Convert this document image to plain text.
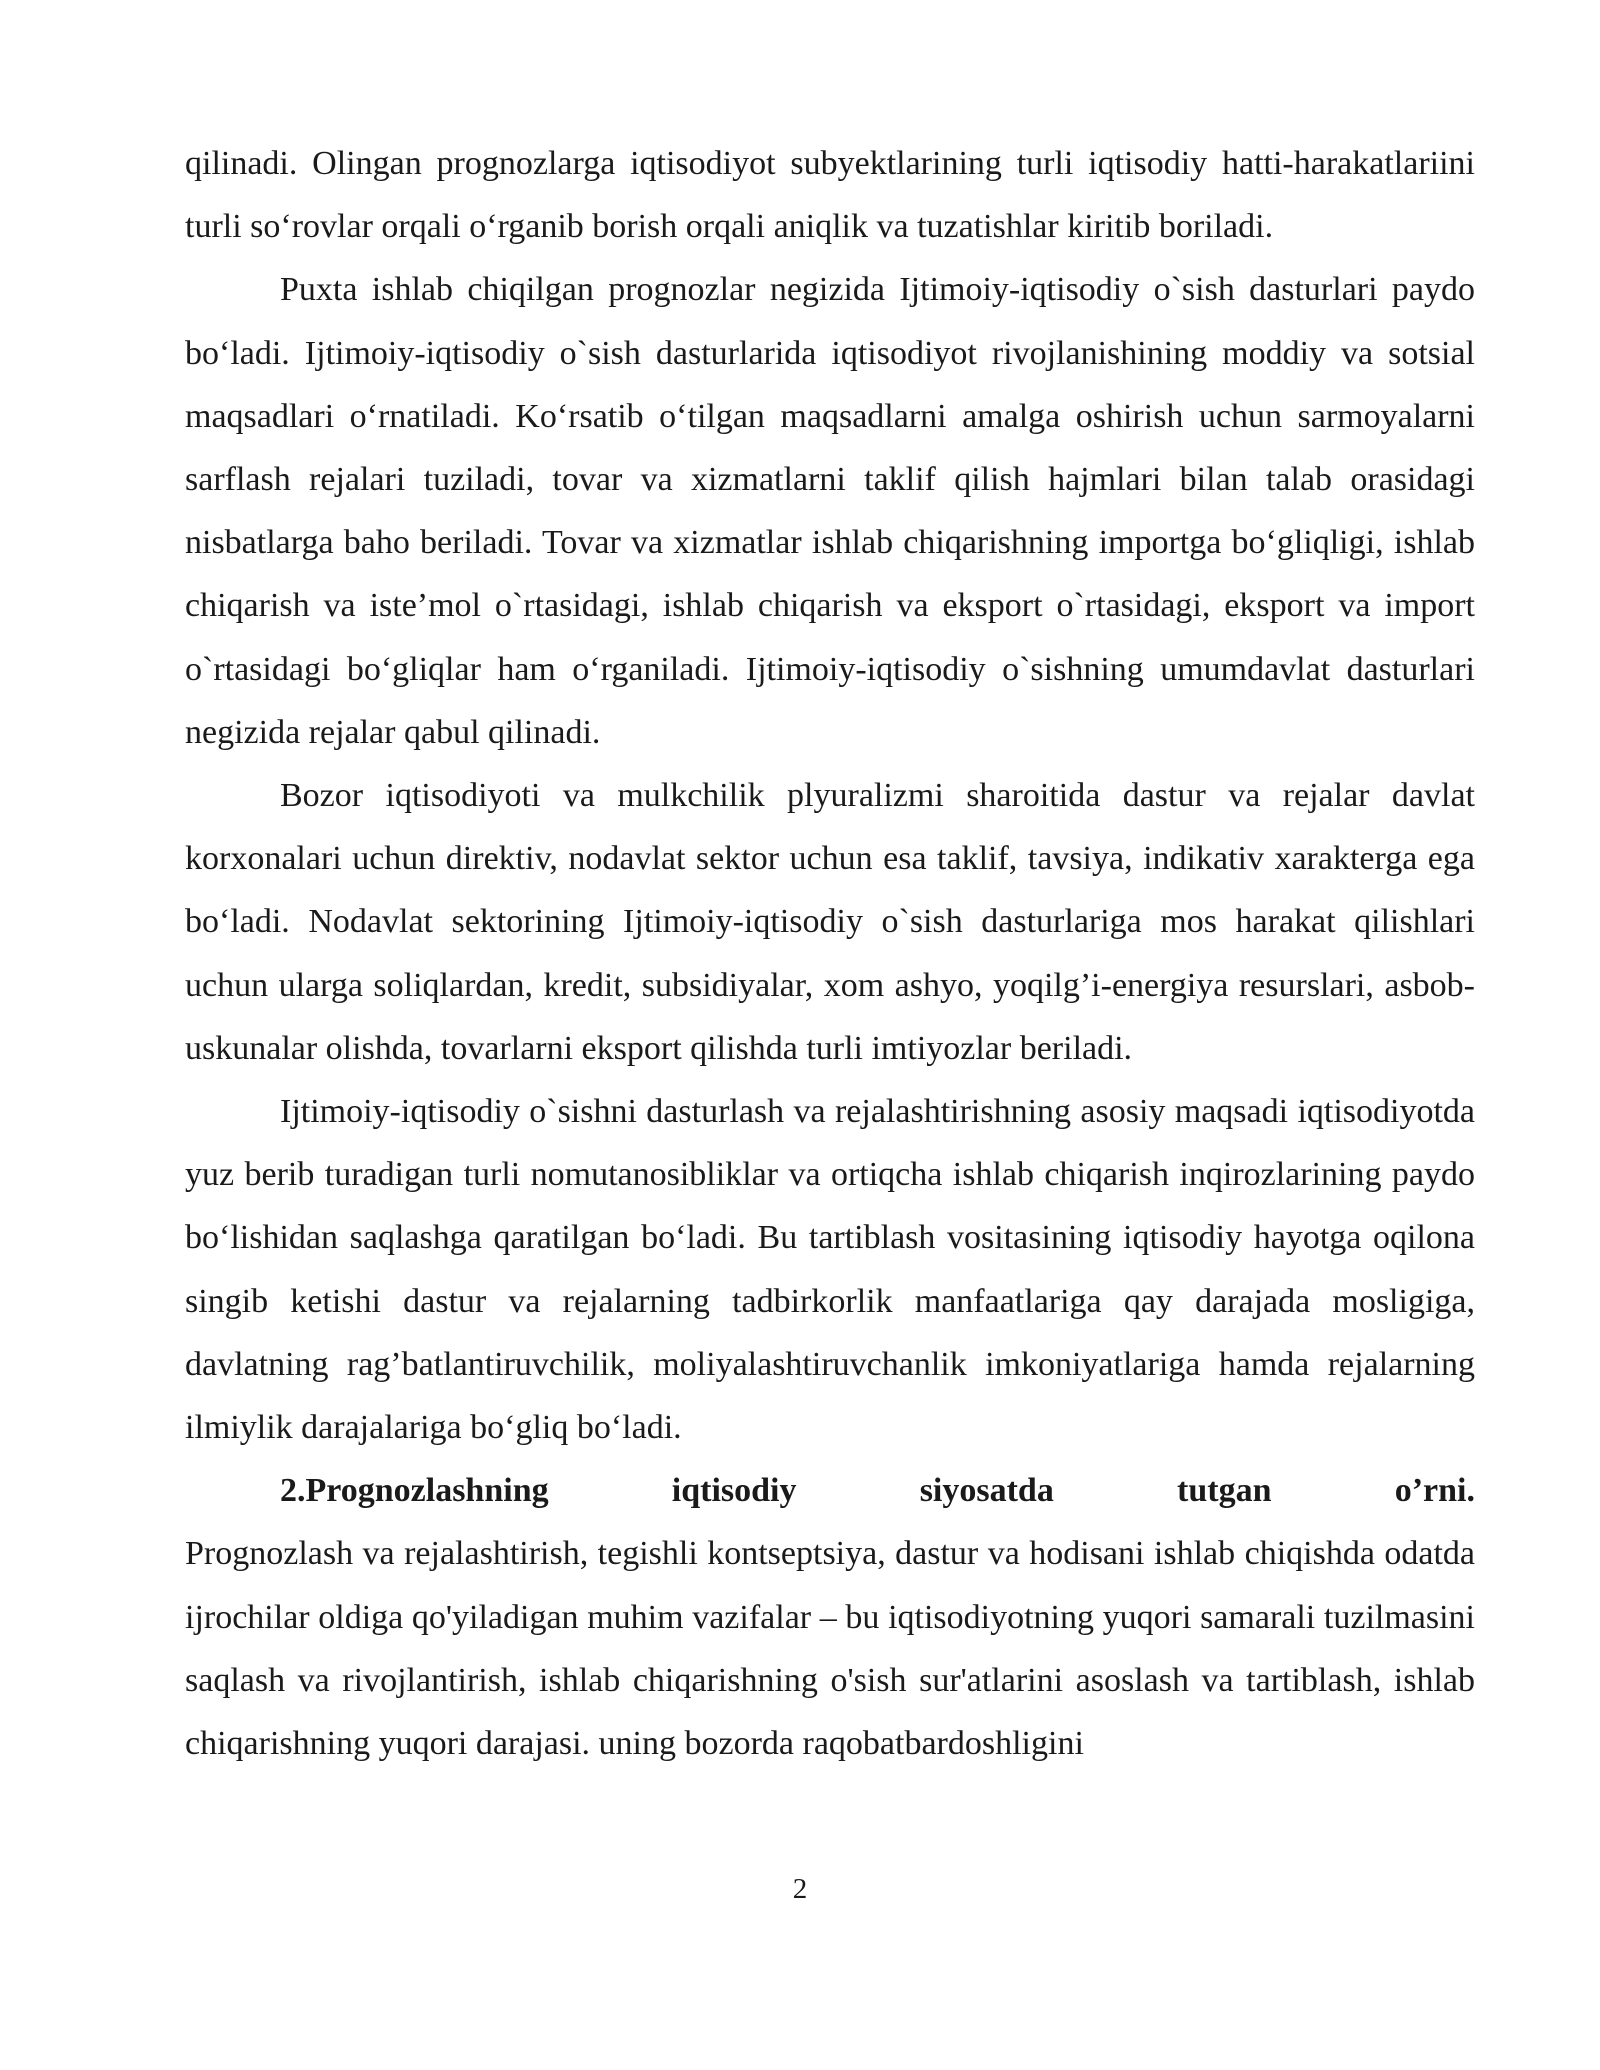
qilinadi. Olingan prognozlarga iqtisodiyot subyektlarining turli iqtisodiy hatti-harakatlariini turli so‘rovlar orqali o‘rganib borish orqali aniqlik va tuzatishlar kiritib boriladi.

Puxta ishlab chiqilgan prognozlar negizida Ijtimoiy-iqtisodiy o`sish dasturlari paydo bo‘ladi. Ijtimoiy-iqtisodiy o`sish dasturlarida iqtisodiyot rivojlanishining moddiy va sotsial maqsadlari o‘rnatiladi. Ko‘rsatib o‘tilgan maqsadlarni amalga oshirish uchun sarmoyalarni sarflash rejalari tuziladi, tovar va xizmatlarni taklif qilish hajmlari bilan talab orasidagi nisbatlarga baho beriladi. Tovar va xizmatlar ishlab chiqarishning importga bo‘gliqligi, ishlab chiqarish va iste’mol o`rtasidagi, ishlab chiqarish va eksport o`rtasidagi, eksport va import o`rtasidagi bo‘gliqlar ham o‘rganiladi. Ijtimoiy-iqtisodiy o`sishning umumdavlat dasturlari negizida rejalar qabul qilinadi.

Bozor iqtisodiyoti va mulkchilik plyuralizmi sharoitida dastur va rejalar davlat korxonalari uchun direktiv, nodavlat sektor uchun esa taklif, tavsiya, indikativ xarakterga ega bo‘ladi. Nodavlat sektorining Ijtimoiy-iqtisodiy o`sish dasturlariga mos harakat qilishlari uchun ularga soliqlardan, kredit, subsidiyalar, xom ashyo, yoqilg’i-energiya resurslari, asbob-uskunalar olishda, tovarlarni eksport qilishda turli imtiyozlar beriladi.

Ijtimoiy-iqtisodiy o`sishni dasturlash va rejalashtirishning asosiy maqsadi iqtisodiyotda yuz berib turadigan turli nomutanosibliklar va ortiqcha ishlab chiqarish inqirozlarining paydo bo‘lishidan saqlashga qaratilgan bo‘ladi. Bu tartiblash vositasining iqtisodiy hayotga oqilona singib ketishi dastur va rejalarning tadbirkorlik manfaatlariga qay darajada mosligiga, davlatning rag’batlantiruvchilik, moliyalashtiruvchanlik imkoniyatlariga hamda rejalarning ilmiylik darajalariga bo‘gliq bo‘ladi.

2.Prognozlashning	iqtisodiy	siyosatda	tutgan	o’rni.

Prognozlash va rejalashtirish, tegishli kontseptsiya, dastur va hodisani ishlab chiqishda odatda ijrochilar oldiga qo'yiladigan muhim vazifalar – bu iqtisodiyotning yuqori samarali tuzilmasini saqlash va rivojlantirish, ishlab chiqarishning o'sish sur'atlarini asoslash va tartiblash, ishlab chiqarishning yuqori darajasi. uning bozorda raqobatbardoshligini

2
